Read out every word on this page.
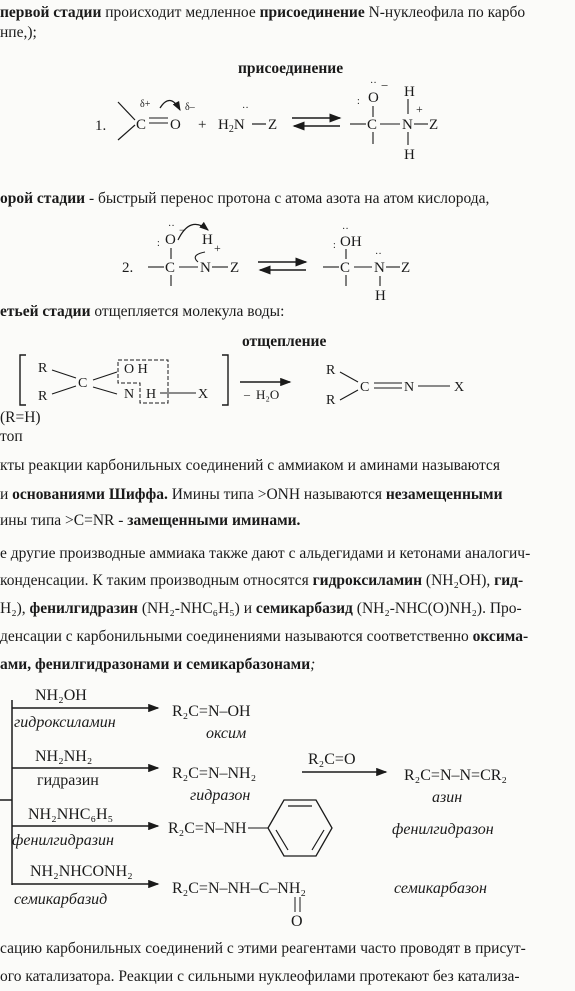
первой стадии происходит медленное присоединение N-нуклеофила по карбо
нпе,);
присоединение
орой стадии - быстрый перенос протона с атома азота на атом кислорода,
етьей стадии отщепляется молекула воды:
отщепление
(R=H)
топ
кты реакции карбонильных соединений с аммиаком и аминами называются
и основаниями Шиффа. Имины типа >ONH называются незамещенными
ины типа >C=NR - замещенными иминами.
е другие производные аммиака также дают с альдегидами и кетонами аналогич-
конденсации. К таким производным относятся гидроксиламин (NH₂OH), гид-
H₂), фенилгидразин (NH₂-NHC₆H₅) и семикарбазид (NH₂-NHC(O)NH₂). Про-
денсации с карбонильными соединениями называются соответственно оксима-
ами, фенилгидразонами и семикарбазонами;
сацию карбонильных соединений с этими реагентами часто проводят в присут-
ого катализатора. Реакции с сильными нуклеофилами протекают без катализа-
1. C O
δ+	δ–
+ $H_2N$
··
Z
O
·· −
:
C N
H
+
Z
H
2.
O
··
:
−
C N
H +
Z
OH
:
··
C N
··
Z
H
R
R
C
O H
N H	X	– H₂O
R
R
C N	X
NH₂OH
гидроксиламин
R₂C=N–OH
оксим
NH₂NH₂
гидразин	R₂C=N–NH₂
гидразон
R₂C=O
R₂C=N–N=CR₂
азин
NH₂NHC₆H₅
фенилгидразин
R₂C=N–NH	фенилгидразон
NH₂NHCONH₂
семикарбазид
R₂C=N–NH–C–NH₂
O
семикарбазон
